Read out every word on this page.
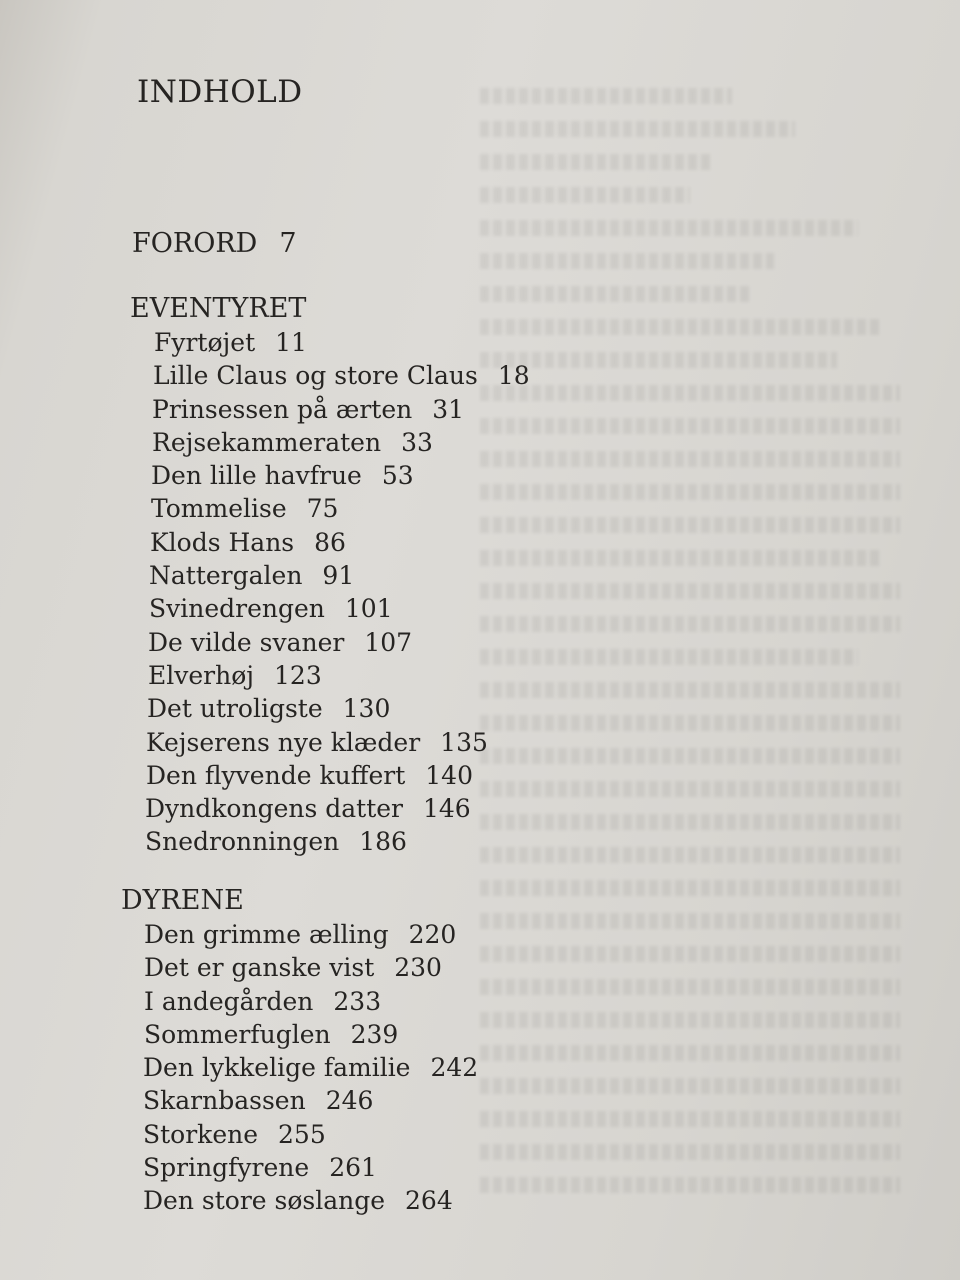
INDHOLD
FORORD 7
EVENTYRET
Fyrtøjet 11
Lille Claus og store Claus 18
Prinsessen på ærten 31
Rejsekammeraten 33
Den lille havfrue 53
Tommelise 75
Klods Hans 86
Nattergalen 91
Svinedrengen 101
De vilde svaner 107
Elverhøj 123
Det utroligste 130
Kejserens nye klæder 135
Den flyvende kuffert 140
Dyndkongens datter 146
Snedronningen 186
DYRENE
Den grimme ælling 220
Det er ganske vist 230
I andegården 233
Sommerfuglen 239
Den lykkelige familie 242
Skarnbassen 246
Storkene 255
Springfyrene 261
Den store søslange 264
